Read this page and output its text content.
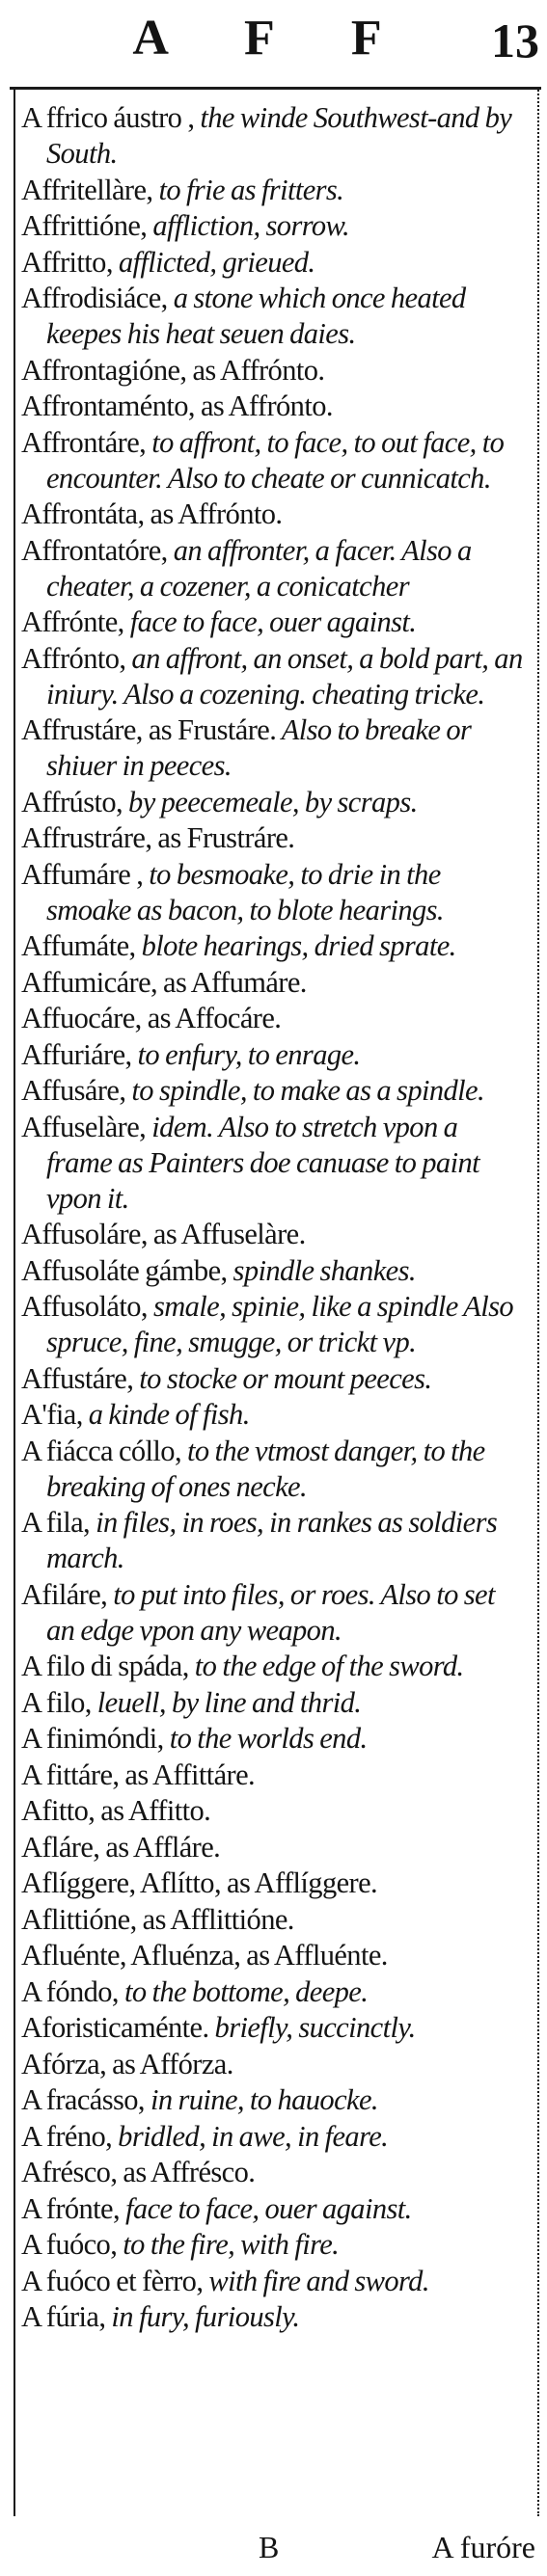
A F F	13
A ffrico áustro , the winde Southwest-and by South.
Affritellàre, to frie as fritters.
Affrittióne, affliction, sorrow.
Affritto, afflicted, grieued.
Affrodisiáce, a stone which once heated keepes his heat seuen daies.
Affrontagióne, as Affrónto.
Affrontaménto, as Affrónto.
Affrontáre, to affront, to face, to out face, to encounter. Also to cheate or cunnicatch.
Affrontáta, as Affrónto.
Affrontatóre, an affronter, a facer. Also a cheater, a cozener, a conicatcher
Affrónte, face to face, ouer against.
Affrónto, an affront, an onset, a bold part, an iniury. Also a cozening. cheating tricke.
Affrustáre, as Frustáre. Also to breake or shiuer in peeces.
Affrústo, by peecemeale, by scraps.
Affrustráre, as Frustráre.
Affumáre , to besmoake, to drie in the smoake as bacon, to blote hearings.
Affumáte, blote hearings, dried sprate.
Affumicáre, as Affumáre.
Affuocáre, as Affocáre.
Affuriáre, to enfury, to enrage.
Affusáre, to spindle, to make as a spindle.
Affuselàre, idem. Also to stretch vpon a frame as Painters doe canuase to paint vpon it.
Affusoláre, as Affuselàre.
Affusoláte gámbe, spindle shankes.
Affusoláto, smale, spinie, like a spindle Also spruce, fine, smugge, or trickt vp.
Affustáre, to stocke or mount peeces.
A'fia, a kinde of fish.
A fiácca cóllo, to the vtmost danger, to the breaking of ones necke.
A fila, in files, in roes, in rankes as soldiers march.
Afiláre, to put into files, or roes. Also to set an edge vpon any weapon.
A filo di spáda, to the edge of the sword.
A filo, leuell, by line and thrid.
A finimóndi, to the worlds end.
A fittáre, as Affittáre.
Afitto, as Affitto.
Afláre, as Affláre.
Aflíggere, Aflítto, as Afflíggere.
Aflittióne, as Afflittióne.
Afluénte, Afluénza, as Affluénte.
A fóndo, to the bottome, deepe.
Aforisticaménte. briefly, succinctly.
Afórza, as Affórza.
A fracásso, in ruine, to hauocke.
A fréno, bridled, in awe, in feare.
Afrésco, as Affrésco.
A frónte, face to face, ouer against.
A fuóco, to the fire, with fire.
A fuóco et fèrro, with fire and sword.
A fúria, in fury, furiously.
B	A furóre
